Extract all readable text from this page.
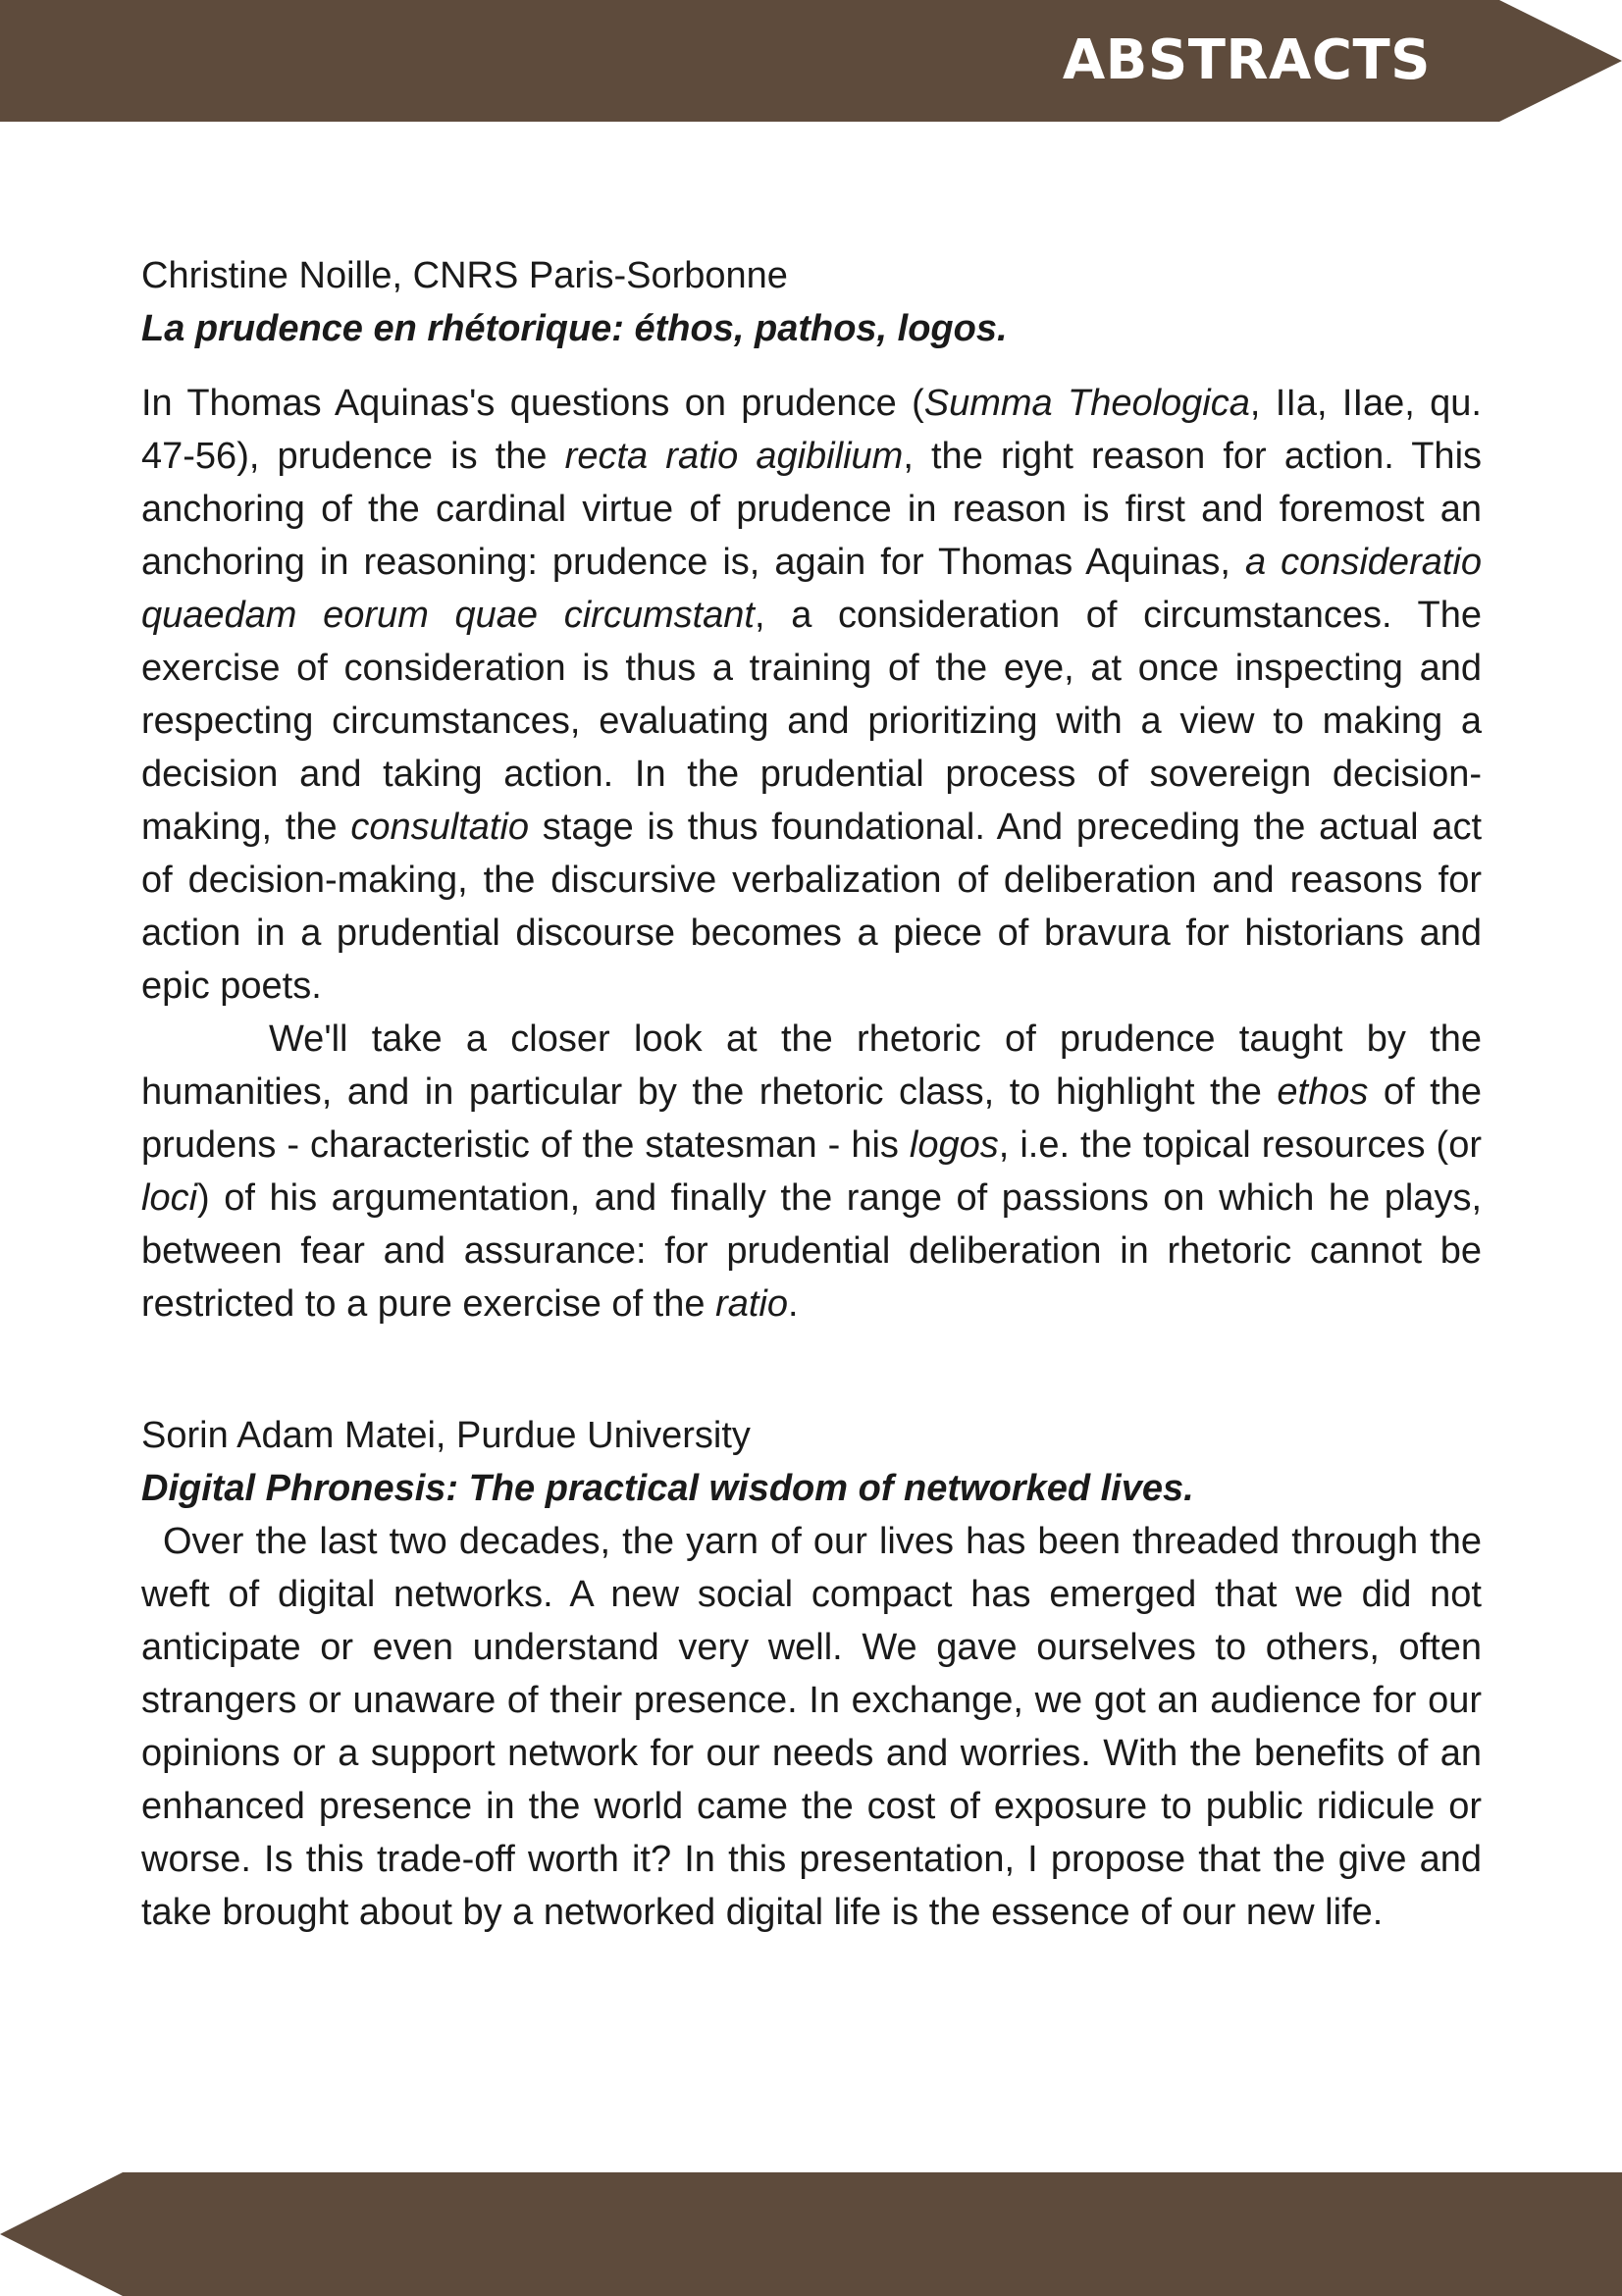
ABSTRACTS

Christine Noille, CNRS Paris-Sorbonne

La prudence en rhétorique: éthos, pathos, logos.

In Thomas Aquinas's questions on prudence (Summa Theologica, IIa, IIae, qu. 47-56), prudence is the recta ratio agibilium, the right reason for action. This anchoring of the cardinal virtue of prudence in reason is first and foremost an anchoring in reasoning: prudence is, again for Thomas Aquinas, a consideratio quaedam eorum quae circumstant, a consideration of circumstances. The exercise of consideration is thus a training of the eye, at once inspecting and respecting circumstances, evaluating and prioritizing with a view to making a decision and taking action. In the prudential process of sovereign decision-making, the consultatio stage is thus foundational. And preceding the actual act of decision-making, the discursive verbalization of deliberation and reasons for action in a prudential discourse becomes a piece of bravura for historians and epic poets.

We'll take a closer look at the rhetoric of prudence taught by the humanities, and in particular by the rhetoric class, to highlight the ethos of the prudens - characteristic of the statesman - his logos, i.e. the topical resources (or loci) of his argumentation, and finally the range of passions on which he plays, between fear and assurance: for prudential deliberation in rhetoric cannot be restricted to a pure exercise of the ratio.

Sorin Adam Matei, Purdue University

Digital Phronesis: The practical wisdom of networked lives.

Over the last two decades, the yarn of our lives has been threaded through the weft of digital networks. A new social compact has emerged that we did not anticipate or even understand very well. We gave ourselves to others, often strangers or unaware of their presence. In exchange, we got an audience for our opinions or a support network for our needs and worries. With the benefits of an enhanced presence in the world came the cost of exposure to public ridicule or worse. Is this trade-off worth it? In this presentation, I propose that the give and take brought about by a networked digital life is the essence of our new life.
